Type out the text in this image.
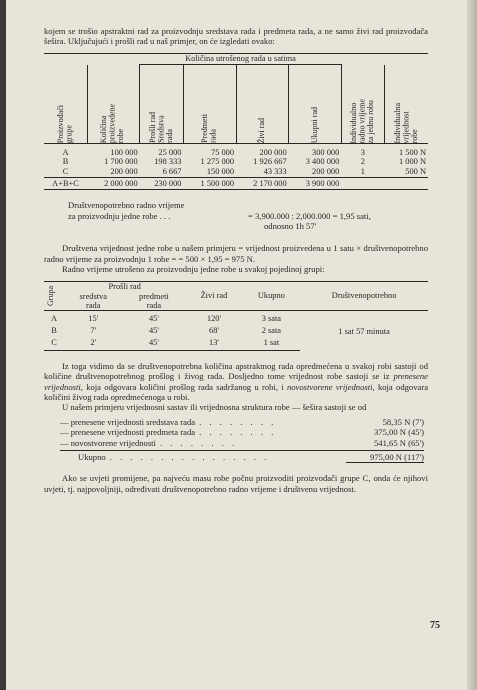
kojem se trošio apstraktni rad za proizvodnju sredstava rada i predmeta rada, a ne samo živi rad proizvođača šešira. Uključujući i prošli rad u naš primjer, on će izgledati ovako:

		Količina utrošenog rada u satima					

Proizvođači
grupe	Količina
proizvedene
robe	Prošli rad
Sredstva
rada	Predmeti
rada	Živi rad	Ukupni rad	Individualno
radno vrijeme
za jednu robu	Individualna
vrijednost
robe

A	100 000	25 000	75 000	200 000	300 000	3	1 500 N
B	1 700 000	198 333	1 275 000	1 926 667	3 400 000	2	1 000 N
C	200 000	6 667	150 000	43 333	200 000	1	500 N
A+B+C	2 000 000	230 000	1 500 000	2 170 000	3 900 000		
Društvenopotrebno radno vrijeme
za proizvodnju jedne robe . . .	= 3,900.000 : 2,000.000 = 1,95 sati,
odnosno 1h 57'

Društvena vrijednost jedne robe u našem primjeru = vrijednost proizvedena u 1 satu × društvenopotrebno radno vrijeme za proizvodnju 1 robe = = 500 × 1,95 = 975 N.

Radno vrijeme utrošeno za proizvodnju jedne robe u svakoj pojedinoj grupi:

Grupa	Prošli rad		Živi rad	Ukupno	Društvenopotrebno
	sredstva
rada	predmeti
rada			

A	15'	45'	120'	3 sata	1 sat 57 minuta
B	7'	45'	68'	2 sata	
C	2'	45'	13'	1 sat	

Iz toga vidimo da se društvenopotrebna količina apstraktnog rada opredmećena u svakoj robi sastoji od količine društvenopotrebnog prošlog i živog rada. Dosljedno tome vrijednost robe sastoji se iz prenesene vrijednosti, koja odgovara količini prošlog rada sadržanog u robi, i novostvorene vrijednosti, koja odgovara količini živog rada opredmećenoga u robi.

U našem primjeru vrijednosni sastav ili vrijednosna struktura robe — šešira sastoji se od

— prenesene vrijednosti sredstava rada . . . . . . . .	58,35 N (7')
— prenesene vrijednosti predmeta rada . . . . . . . .	375,00 N (45')
— novostvorene vrijednosti . . . . . . . .	541,65 N (65')
Ukupno . . . . . . . . . . . . . . . .	975,00 N (117')

Ako se uvjeti promijene, pa najveću masu robe počnu proizvoditi proizvođači grupe C, onda će njihovi uvjeti, tj. najpovoljniji, određivati društvenopotrebno radno vrijeme i društvenu vrijednost.

75
